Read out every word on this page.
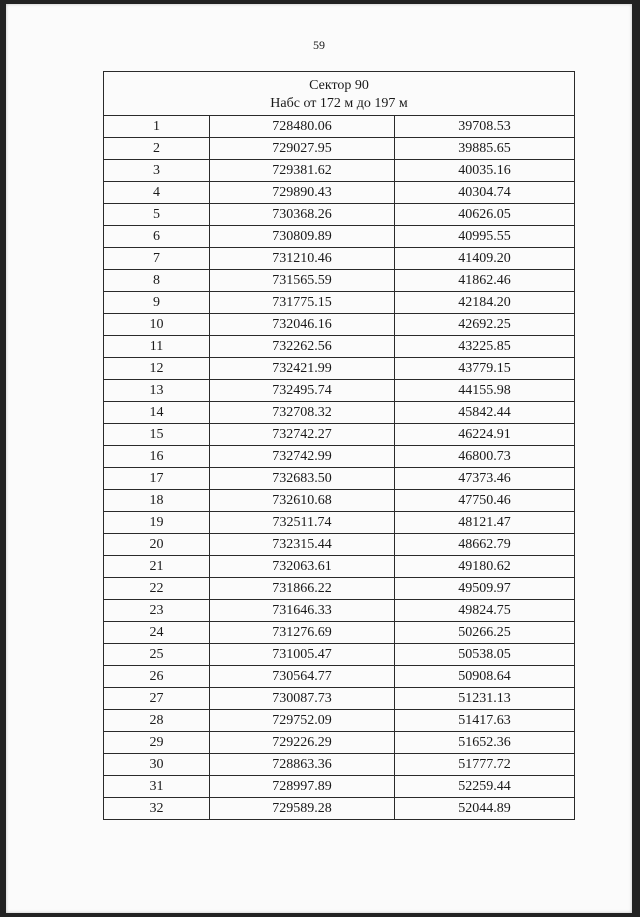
59
Сектор 90
Набс от 172 м до 197 м		

1	728480.06	39708.53
2	729027.95	39885.65
3	729381.62	40035.16
4	729890.43	40304.74
5	730368.26	40626.05
6	730809.89	40995.55
7	731210.46	41409.20
8	731565.59	41862.46
9	731775.15	42184.20
10	732046.16	42692.25
11	732262.56	43225.85
12	732421.99	43779.15
13	732495.74	44155.98
14	732708.32	45842.44
15	732742.27	46224.91
16	732742.99	46800.73
17	732683.50	47373.46
18	732610.68	47750.46
19	732511.74	48121.47
20	732315.44	48662.79
21	732063.61	49180.62
22	731866.22	49509.97
23	731646.33	49824.75
24	731276.69	50266.25
25	731005.47	50538.05
26	730564.77	50908.64
27	730087.73	51231.13
28	729752.09	51417.63
29	729226.29	51652.36
30	728863.36	51777.72
31	728997.89	52259.44
32	729589.28	52044.89
